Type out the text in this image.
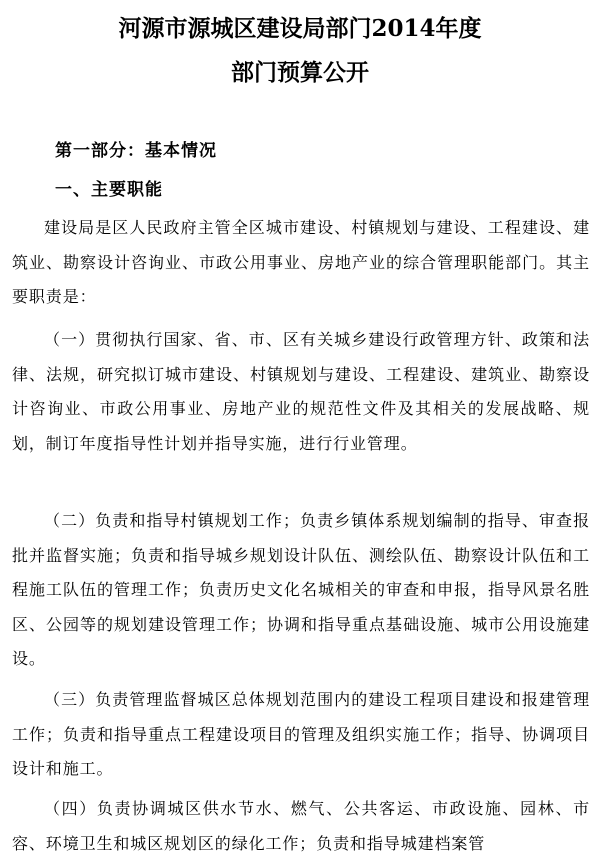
河源市源城区建设局部门2014年度
部门预算公开
第一部分：基本情况
一、主要职能

建设局是区人民政府主管全区城市建设、村镇规划与建设、工程建设、建筑业、勘察设计咨询业、市政公用事业、房地产业的综合管理职能部门。其主要职责是：

（一）贯彻执行国家、省、市、区有关城乡建设行政管理方针、政策和法律、法规，研究拟订城市建设、村镇规划与建设、工程建设、建筑业、勘察设计咨询业、市政公用事业、房地产业的规范性文件及其相关的发展战略、规划，制订年度指导性计划并指导实施，进行行业管理。

（二）负责和指导村镇规划工作；负责乡镇体系规划编制的指导、审查报批并监督实施；负责和指导城乡规划设计队伍、测绘队伍、勘察设计队伍和工程施工队伍的管理工作；负责历史文化名城相关的审查和申报，指导风景名胜区、公园等的规划建设管理工作；协调和指导重点基础设施、城市公用设施建设。

（三）负责管理监督城区总体规划范围内的建设工程项目建设和报建管理工作；负责和指导重点工程建设项目的管理及组织实施工作；指导、协调项目设计和施工。

（四）负责协调城区供水节水、燃气、公共客运、市政设施、园林、市容、环境卫生和城区规划区的绿化工作；负责和指导城建档案管
